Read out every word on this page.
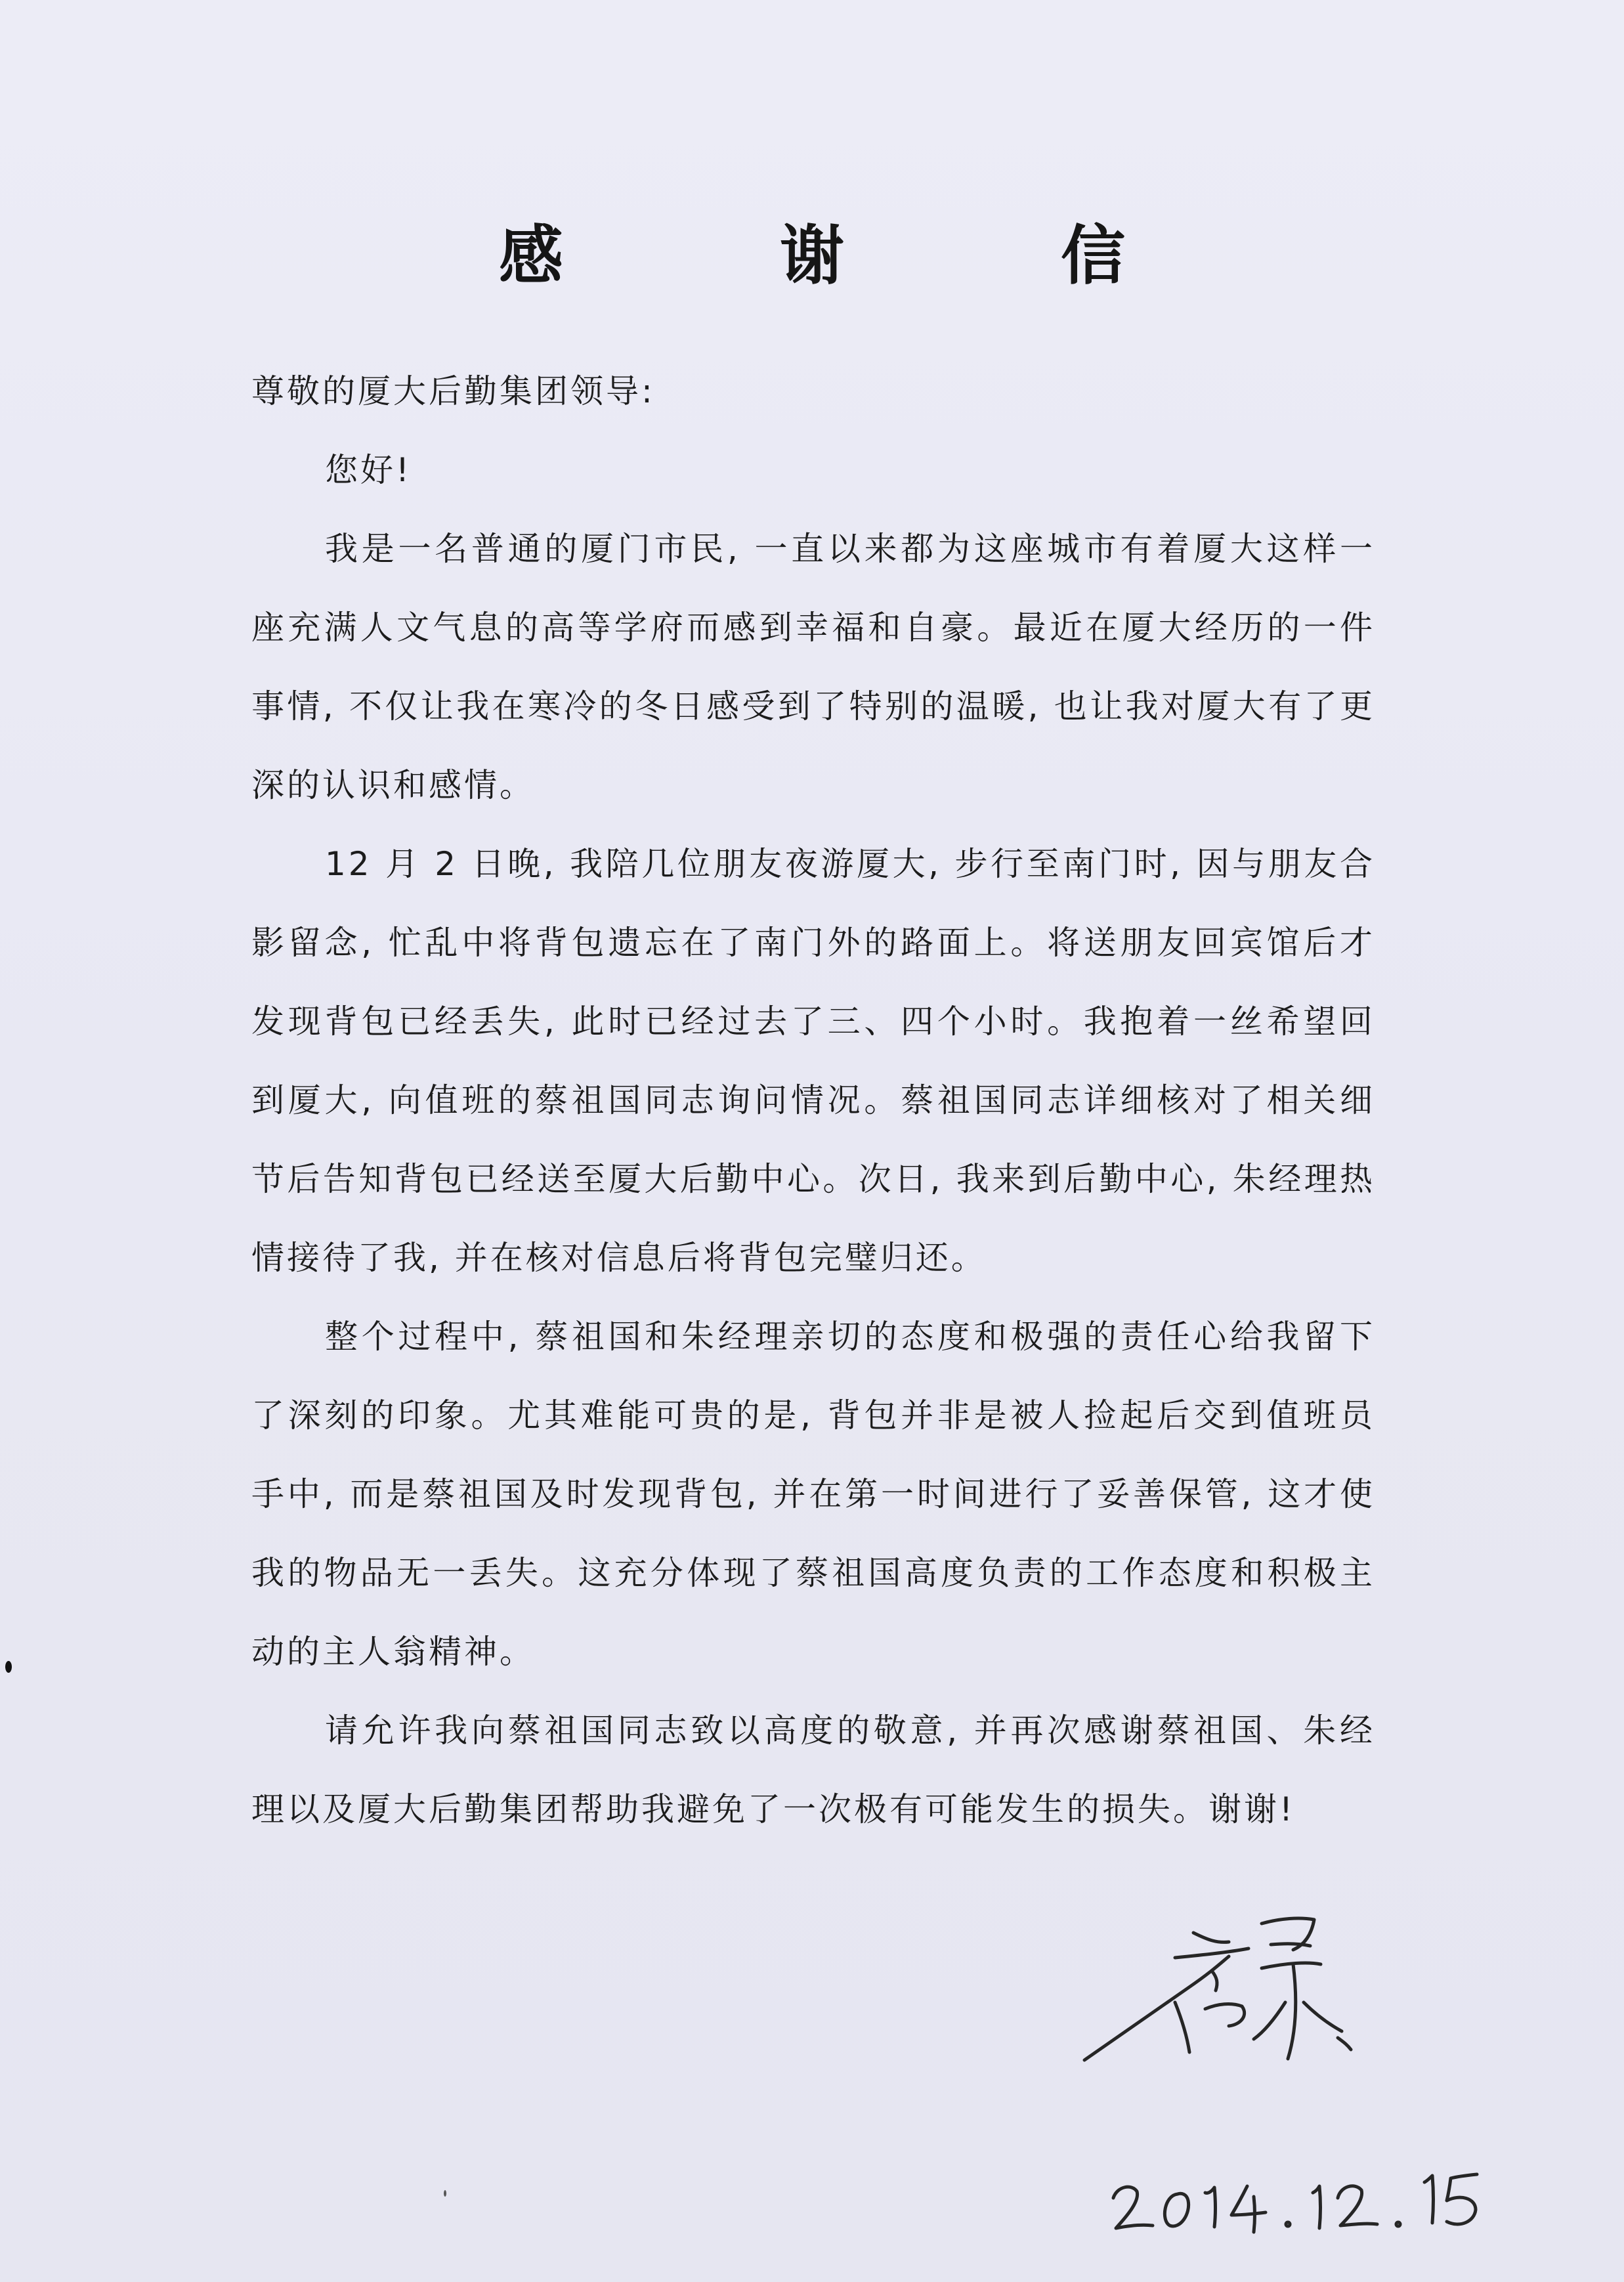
感 谢 信

尊敬的厦大后勤集团领导:

您好!

我是一名普通的厦门市民, 一直以来都为这座城市有着厦大这样一座充满人文气息的高等学府而感到幸福和自豪。最近在厦大经历的一件事情, 不仅让我在寒冷的冬日感受到了特别的温暖, 也让我对厦大有了更深的认识和感情。

12 月 2 日晚, 我陪几位朋友夜游厦大, 步行至南门时, 因与朋友合影留念, 忙乱中将背包遗忘在了南门外的路面上。将送朋友回宾馆后才发现背包已经丢失, 此时已经过去了三、四个小时。我抱着一丝希望回到厦大, 向值班的蔡祖国同志询问情况。蔡祖国同志详细核对了相关细节后告知背包已经送至厦大后勤中心。次日, 我来到后勤中心, 朱经理热情接待了我, 并在核对信息后将背包完璧归还。

整个过程中, 蔡祖国和朱经理亲切的态度和极强的责任心给我留下了深刻的印象。尤其难能可贵的是, 背包并非是被人捡起后交到值班员手中, 而是蔡祖国及时发现背包, 并在第一时间进行了妥善保管, 这才使我的物品无一丢失。这充分体现了蔡祖国高度负责的工作态度和积极主动的主人翁精神。

请允许我向蔡祖国同志致以高度的敬意, 并再次感谢蔡祖国、朱经理以及厦大后勤集团帮助我避免了一次极有可能发生的损失。谢谢!
